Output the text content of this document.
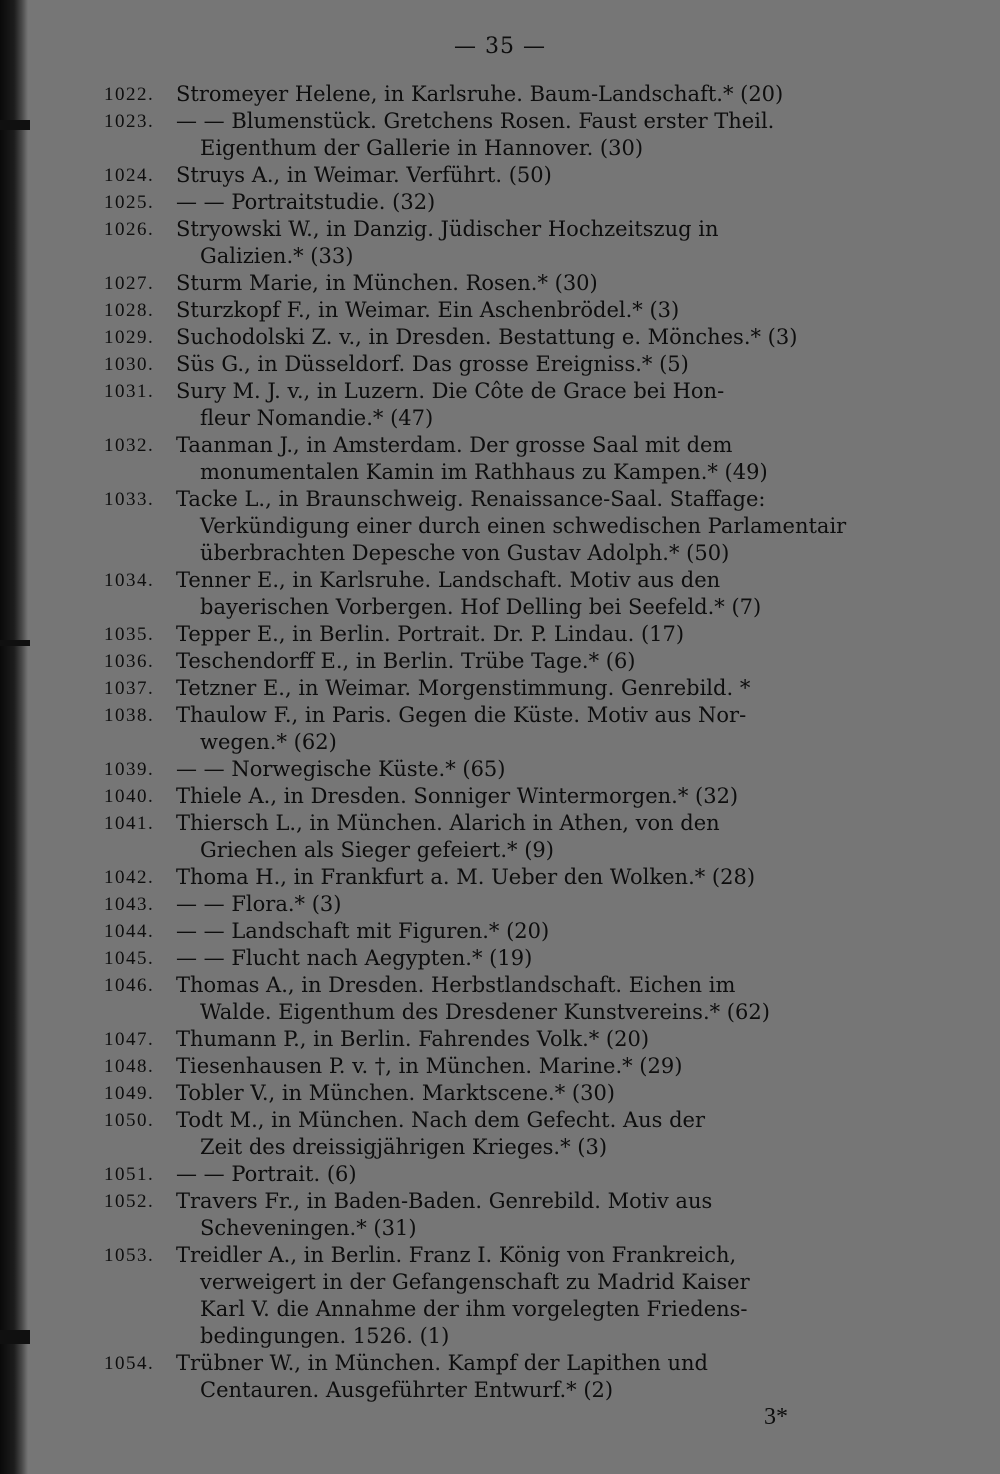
— 35 —
1022.	Stromeyer Helene, in Karlsruhe. Baum-Landschaft.* (20)
1023.	— — Blumenstück. Gretchens Rosen. Faust erster Theil.
Eigenthum der Gallerie in Hannover. (30)
1024.	Struys A., in Weimar. Verführt. (50)
1025.	— — Portraitstudie. (32)
1026.	Stryowski W., in Danzig. Jüdischer Hochzeitszug in
Galizien.* (33)
1027.	Sturm Marie, in München. Rosen.* (30)
1028.	Sturzkopf F., in Weimar. Ein Aschenbrödel.* (3)
1029.	Suchodolski Z. v., in Dresden. Bestattung e. Mönches.* (3)
1030.	Süs G., in Düsseldorf. Das grosse Ereigniss.* (5)
1031.	Sury M. J. v., in Luzern. Die Côte de Grace bei Hon-
fleur Nomandie.* (47)
1032.	Taanman J., in Amsterdam. Der grosse Saal mit dem
monumentalen Kamin im Rathhaus zu Kampen.* (49)
1033.	Tacke L., in Braunschweig. Renaissance-Saal. Staffage:
Verkündigung einer durch einen schwedischen Parlamentair
überbrachten Depesche von Gustav Adolph.* (50)
1034.	Tenner E., in Karlsruhe. Landschaft. Motiv aus den
bayerischen Vorbergen. Hof Delling bei Seefeld.* (7)
1035.	Tepper E., in Berlin. Portrait. Dr. P. Lindau. (17)
1036.	Teschendorff E., in Berlin. Trübe Tage.* (6)
1037.	Tetzner E., in Weimar. Morgenstimmung. Genrebild. *
1038.	Thaulow F., in Paris. Gegen die Küste. Motiv aus Nor-
wegen.* (62)
1039.	— — Norwegische Küste.* (65)
1040.	Thiele A., in Dresden. Sonniger Wintermorgen.* (32)
1041.	Thiersch L., in München. Alarich in Athen, von den
Griechen als Sieger gefeiert.* (9)
1042.	Thoma H., in Frankfurt a. M. Ueber den Wolken.* (28)
1043.	— — Flora.* (3)
1044.	— — Landschaft mit Figuren.* (20)
1045.	— — Flucht nach Aegypten.* (19)
1046.	Thomas A., in Dresden. Herbstlandschaft. Eichen im
Walde. Eigenthum des Dresdener Kunstvereins.* (62)
1047.	Thumann P., in Berlin. Fahrendes Volk.* (20)
1048.	Tiesenhausen P. v. †, in München. Marine.* (29)
1049.	Tobler V., in München. Marktscene.* (30)
1050.	Todt M., in München. Nach dem Gefecht. Aus der
Zeit des dreissigjährigen Krieges.* (3)
1051.	— — Portrait. (6)
1052.	Travers Fr., in Baden-Baden. Genrebild. Motiv aus
Scheveningen.* (31)
1053.	Treidler A., in Berlin. Franz I. König von Frankreich,
verweigert in der Gefangenschaft zu Madrid Kaiser
Karl V. die Annahme der ihm vorgelegten Friedens-
bedingungen. 1526. (1)
1054.	Trübner W., in München. Kampf der Lapithen und
Centauren. Ausgeführter Entwurf.* (2)
3*
